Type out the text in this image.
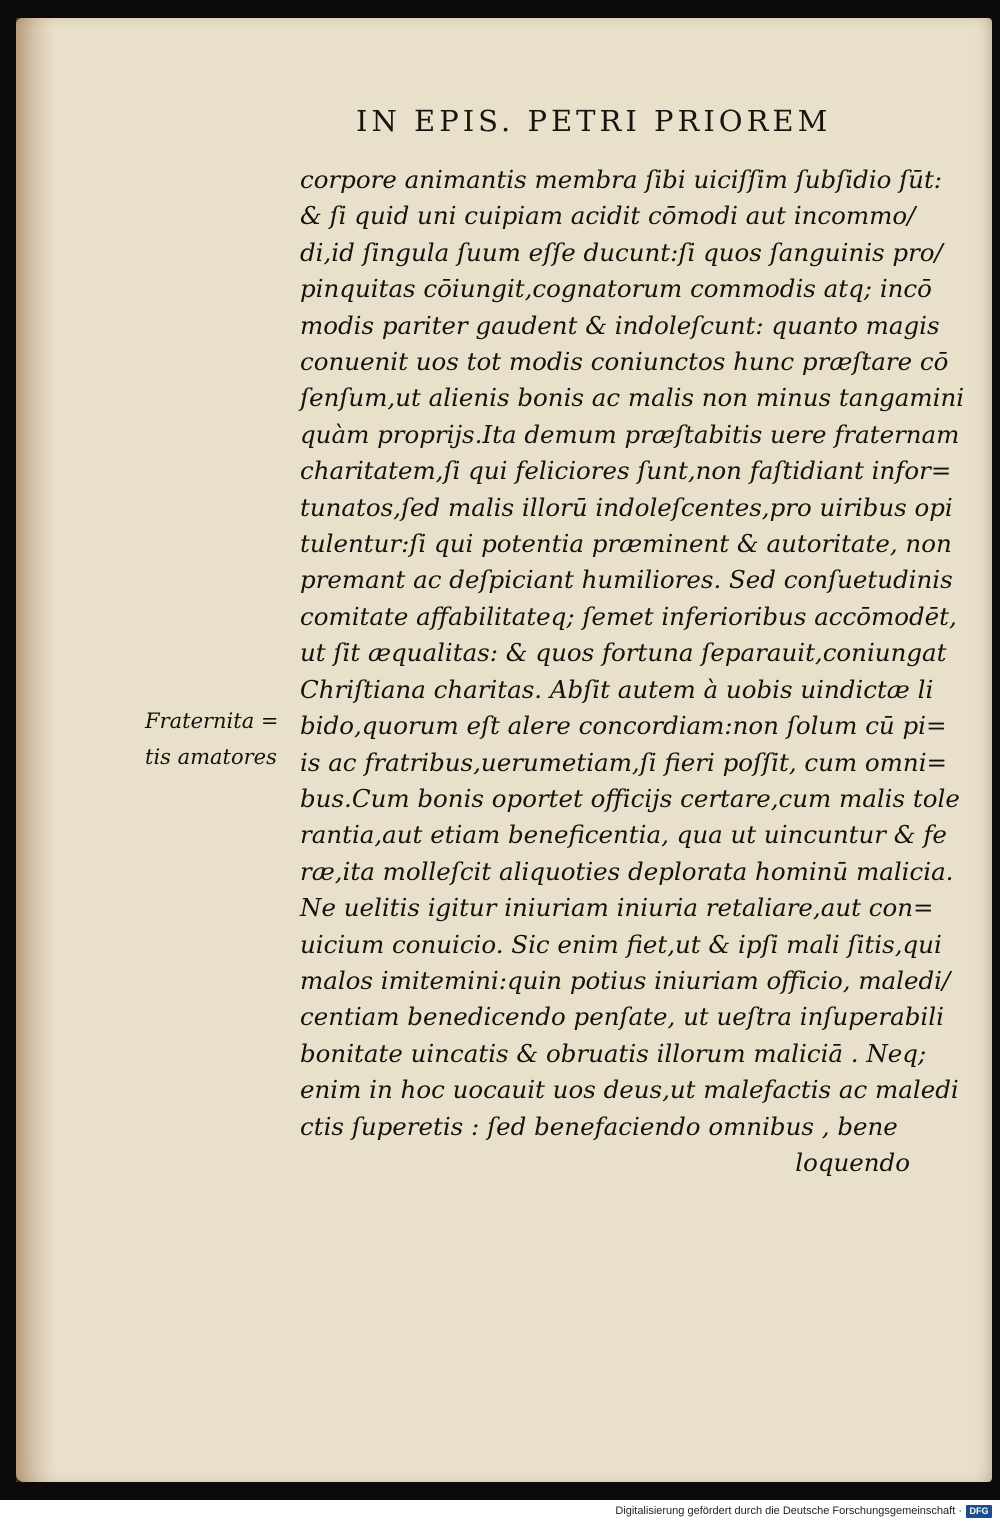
IN EPIS. PETRI PRIOREM
corpore animantis membra ſibi uiciſſim ſubſidio ſūt:
& ſi quid uni cuipiam acidit cōmodi aut incommo/
di,id ſingula ſuum eſſe ducunt:ſi quos ſanguinis pro/
pinquitas cōiungit,cognatorum commodis atq; incō
modis pariter gaudent & indoleſcunt: quanto magis
conuenit uos tot modis coniunctos hunc præſtare cō
ſenſum,ut alienis bonis ac malis non minus tangamini
quàm proprijs.Ita demum præſtabitis uere fraternam
charitatem,ſi qui feliciores ſunt,non faſtidiant infor=
tunatos,ſed malis illorū indoleſcentes,pro uiribus opi
tulentur:ſi qui potentia præminent & autoritate, non
premant ac deſpiciant humiliores. Sed conſuetudinis
comitate affabilitateq; ſemet inferioribus accōmodēt,
ut ſit æqualitas: & quos fortuna ſeparauit,coniungat
Chriſtiana charitas. Abſit autem à uobis uindictæ li
bido,quorum eſt alere concordiam:non ſolum cū pi=
is ac fratribus,uerumetiam,ſi fieri poſſit, cum omni=
bus.Cum bonis oportet officijs certare,cum malis tole
rantia,aut etiam beneficentia, qua ut uincuntur & fe
ræ,ita molleſcit aliquoties deplorata hominū malicia.
Ne uelitis igitur iniuriam iniuria retaliare,aut con=
uicium conuicio. Sic enim fiet,ut & ipſi mali ſitis,qui
malos imitemini:quin potius iniuriam officio, maledi/
centiam benedicendo penſate, ut ueſtra inſuperabili
bonitate uincatis & obruatis illorum maliciā . Neq;
enim in hoc uocauit uos deus,ut malefactis ac maledi
ctis ſuperetis : ſed benefaciendo omnibus , bene
loquendo
Fraternita =
tis amatores
Digitalisierung gefördert durch die Deutsche Forschungsgemeinschaft · DFG
